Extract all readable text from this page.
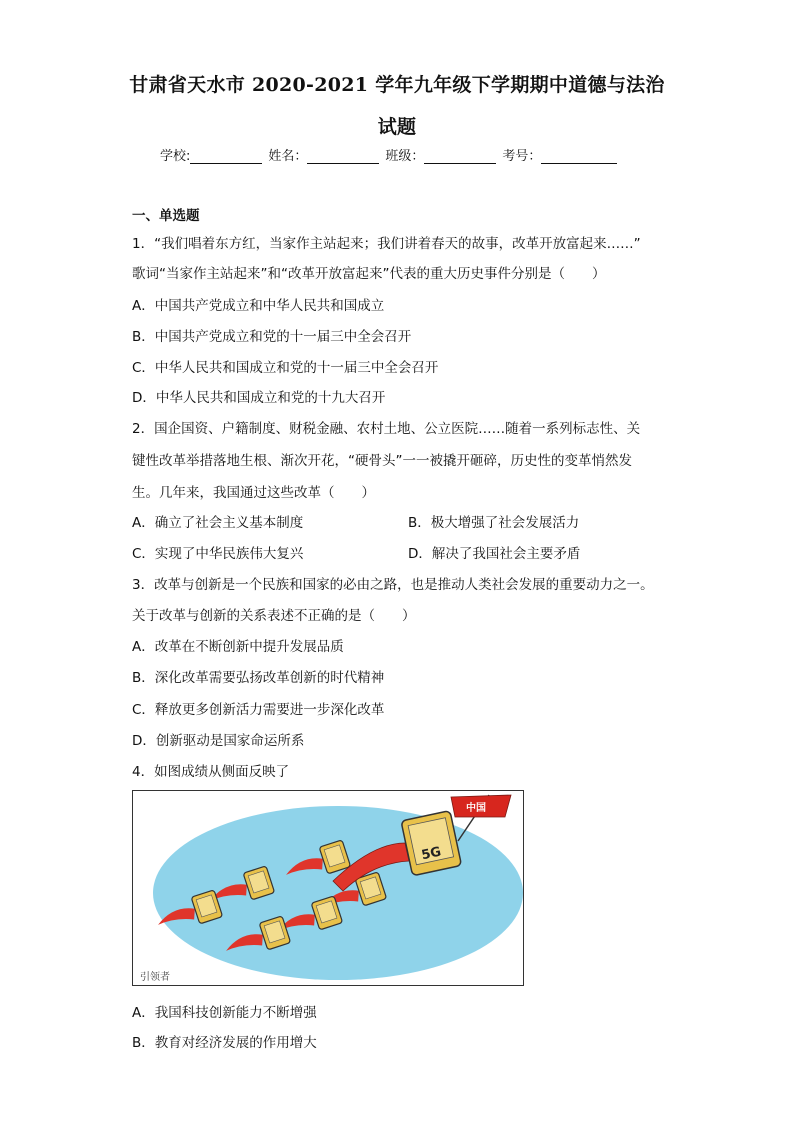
甘肃省天水市 2020-2021 学年九年级下学期期中道德与法治
试题
学校:	姓名：	班级：	考号：
一、单选题
1．“我们唱着东方红，当家作主站起来；我们讲着春天的故事，改革开放富起来……”
歌词“当家作主站起来”和“改革开放富起来”代表的重大历史事件分别是（　　）
A．中国共产党成立和中华人民共和国成立
B．中国共产党成立和党的十一届三中全会召开
C．中华人民共和国成立和党的十一届三中全会召开
D．中华人民共和国成立和党的十九大召开
2．国企国资、户籍制度、财税金融、农村土地、公立医院……随着一系列标志性、关
键性改革举措落地生根、渐次开花，“硬骨头”一一被撬开砸碎，历史性的变革悄然发
生。几年来，我国通过这些改革（　　）
A．确立了社会主义基本制度	B．极大增强了社会发展活力
C．实现了中华民族伟大复兴	D．解决了我国社会主要矛盾
3．改革与创新是一个民族和国家的必由之路，也是推动人类社会发展的重要动力之一。
关于改革与创新的关系表述不正确的是（　　）
A．改革在不断创新中提升发展品质
B．深化改革需要弘扬改革创新的时代精神
C．释放更多创新活力需要进一步深化改革
D．创新驱动是国家命运所系
4．如图成绩从侧面反映了
5G
中国
引领者
A．我国科技创新能力不断增强
B．教育对经济发展的作用增大
